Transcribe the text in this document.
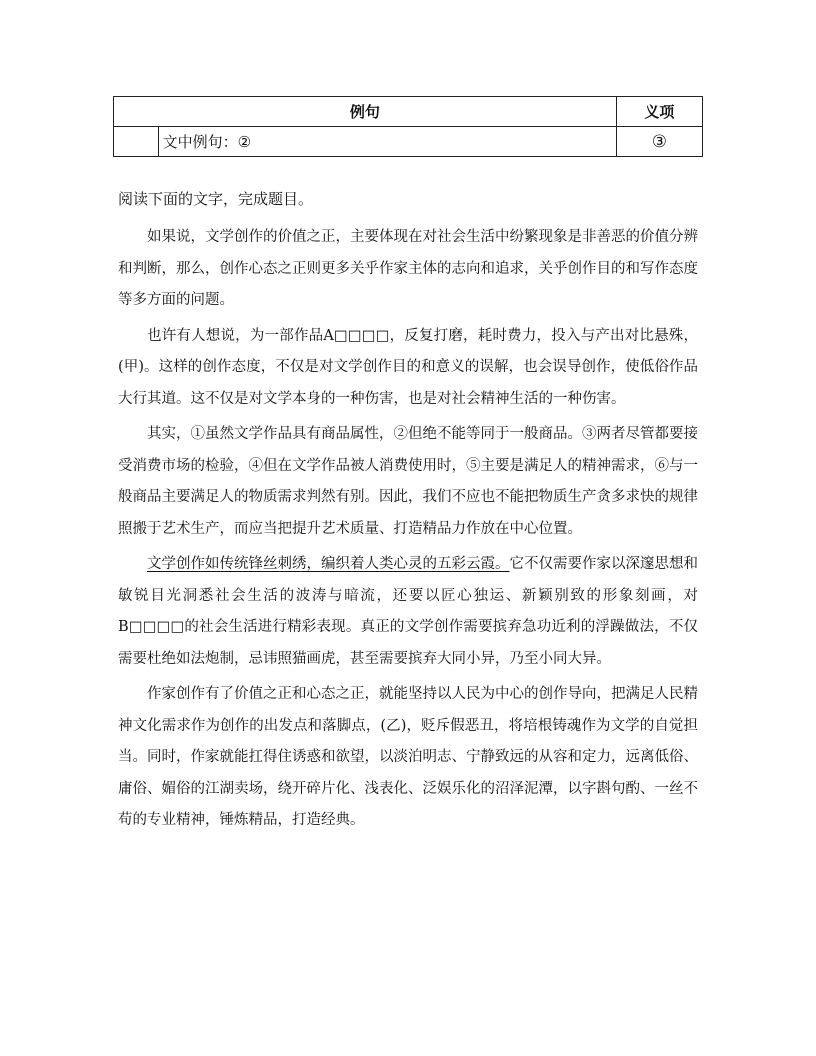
例句		义项
	文中例句：②	③

阅读下面的文字，完成题目。

如果说，文学创作的价值之正，主要体现在对社会生活中纷繁现象是非善恶的价值分辨和判断，那么，创作心态之正则更多关乎作家主体的志向和追求，关乎创作目的和写作态度等多方面的问题。

也许有人想说，为一部作品A□□□□，反复打磨，耗时费力，投入与产出对比悬殊，(甲)。这样的创作态度，不仅是对文学创作目的和意义的误解，也会误导创作，使低俗作品大行其道。这不仅是对文学本身的一种伤害，也是对社会精神生活的一种伤害。

其实，①虽然文学作品具有商品属性，②但绝不能等同于一般商品。③两者尽管都要接受消费市场的检验，④但在文学作品被人消费使用时，⑤主要是满足人的精神需求，⑥与一般商品主要满足人的物质需求判然有别。因此，我们不应也不能把物质生产贪多求快的规律照搬于艺术生产，而应当把提升艺术质量、打造精品力作放在中心位置。

文学创作如传统锋丝刺绣，编织着人类心灵的五彩云霞。它不仅需要作家以深邃思想和敏锐目光洞悉社会生活的波涛与暗流，还要以匠心独运、新颖别致的形象刻画，对B□□□□的社会生活进行精彩表现。真正的文学创作需要摈弃急功近利的浮躁做法，不仅需要杜绝如法炮制，忌讳照猫画虎，甚至需要摈弃大同小异，乃至小同大异。

作家创作有了价值之正和心态之正，就能坚持以人民为中心的创作导向，把满足人民精神文化需求作为创作的出发点和落脚点，(乙)，贬斥假恶丑，将培根铸魂作为文学的自觉担当。同时，作家就能扛得住诱惑和欲望，以淡泊明志、宁静致远的从容和定力，远离低俗、庸俗、媚俗的江湖卖场，绕开碎片化、浅表化、泛娱乐化的沼泽泥潭，以字斟句酌、一丝不苟的专业精神，锤炼精品，打造经典。
